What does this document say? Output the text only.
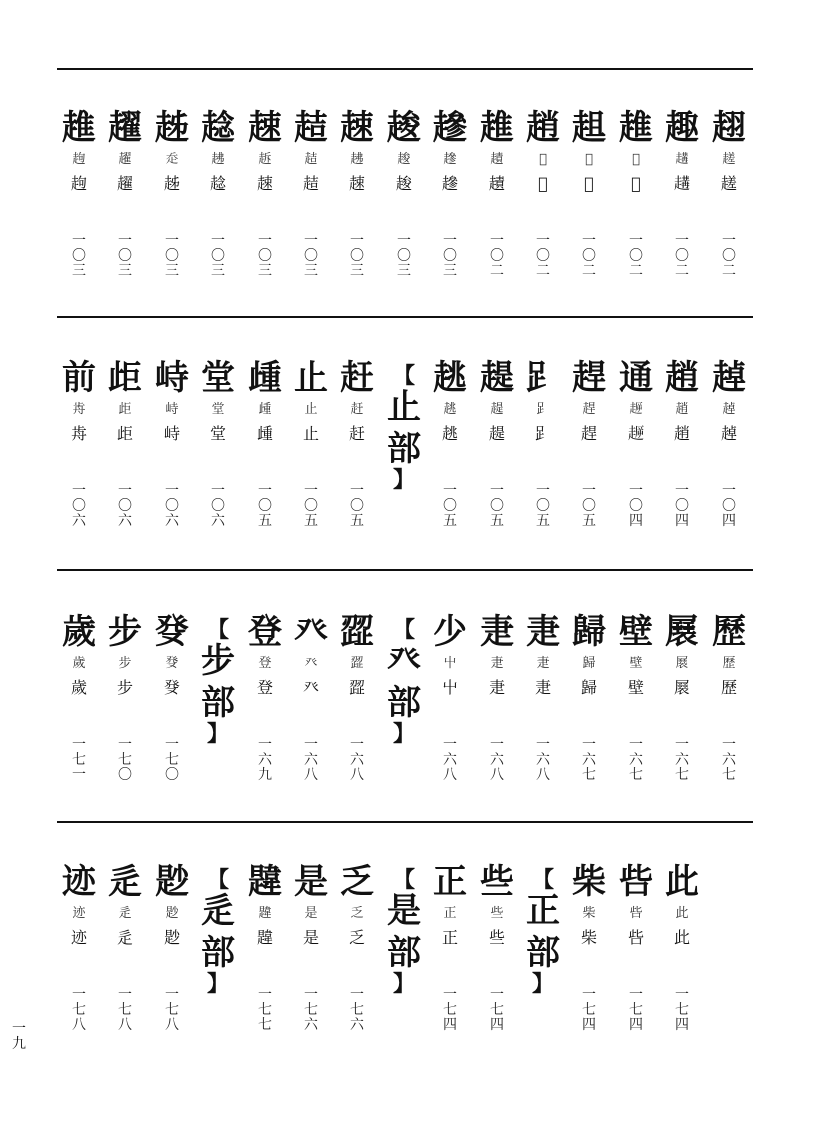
趡
䞤
䞤
一
〇
三
趯
趯
趯
一
〇
三
趀
𧺆
趀
一
〇
三
趝
䞞
趝
一
〇
三
趚
䞣
趚
一
〇
三
趌
趌
趌
一
〇
三
趚
䞞
趚
一
〇
三
䞭
䞭
䞭
一
〇
三
䟃
䟃
䟃
一
〇
三
趡
䟄
䟄
一
〇
二
趙
𧻦
𧻦
一
〇
二
趄
𧺈
𧺈
一
〇
二
趡
𧻌
𧻌
一
〇
二
趣
𧽝
𧽝
一
〇
二
趐
䟀
䟀
一
〇
二
前
歬
歬
一
〇
六
歫
歫
歫
一
〇
六
峙
峙
峙
一
〇
六
堂
堂
堂
一
〇
六
歱
歱
歱
一
〇
五
止
止
止
一
〇
五
赶
赶
赶
一
〇
五
【
止
部
】
趒
趒
趒
一
〇
五
趧
趧
趧
一
〇
五
𧾷
𧾷
𧾷
一
〇
五
趕
趕
趕
一
〇
五
通
𧼞
𧼞
一
〇
四
趙
趙
趙
一
〇
四
趠
趠
趠
一
〇
四
歲
歲
歲
一
七
一
步
步
步
一
七
〇
癹
癹
癹
一
七
〇
【
步
部
】
登
登
登
一
六
九
癶
癶
癶
一
六
八
歰
歰
歰
一
六
八
【
癶
部
】
少
屮
屮
一
六
八
疌
疌
疌
一
六
八
疌
疌
疌
一
六
八
歸
歸
歸
一
六
七
壁
壁
壁
一
六
七
㞡
㞡
㞡
一
六
七
歷
歷
歷
一
六
七
迹
迹
迹
一
七
八
辵
辵
辵
一
七
八
尟
尟
尟
一
七
八
【
辵
部
】
韙
韙
韙
一
七
七
是
是
是
一
七
六
乏
乏
乏
一
七
六
【
是
部
】
正
正
正
一
七
四
些
些
些
一
七
四
【
正
部
】
柴
柴
柴
一
七
四
呰
呰
呰
一
七
四
此
此
此
一
七
四
一
九
